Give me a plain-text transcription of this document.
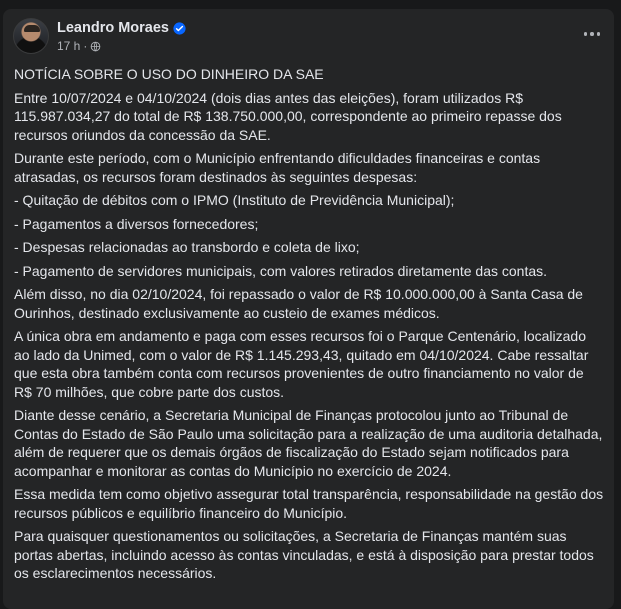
Leandro Moraes
17 h ·

NOTÍCIA SOBRE O USO DO DINHEIRO DA SAE

Entre 10/07/2024 e 04/10/2024 (dois dias antes das eleições), foram utilizados R$ 115.987.034,27 do total de R$ 138.750.000,00, correspondente ao primeiro repasse dos recursos oriundos da concessão da SAE.

Durante este período, com o Município enfrentando dificuldades financeiras e contas atrasadas, os recursos foram destinados às seguintes despesas:

- Quitação de débitos com o IPMO (Instituto de Previdência Municipal);

- Pagamentos a diversos fornecedores;

- Despesas relacionadas ao transbordo e coleta de lixo;

- Pagamento de servidores municipais, com valores retirados diretamente das contas.

Além disso, no dia 02/10/2024, foi repassado o valor de R$ 10.000.000,00 à Santa Casa de Ourinhos, destinado exclusivamente ao custeio de exames médicos.

A única obra em andamento e paga com esses recursos foi o Parque Centenário, localizado ao lado da Unimed, com o valor de R$ 1.145.293,43, quitado em 04/10/2024. Cabe ressaltar que esta obra também conta com recursos provenientes de outro financiamento no valor de R$ 70 milhões, que cobre parte dos custos.

Diante desse cenário, a Secretaria Municipal de Finanças protocolou junto ao Tribunal de Contas do Estado de São Paulo uma solicitação para a realização de uma auditoria detalhada, além de requerer que os demais órgãos de fiscalização do Estado sejam notificados para acompanhar e monitorar as contas do Município no exercício de 2024.

Essa medida tem como objetivo assegurar total transparência, responsabilidade na gestão dos recursos públicos e equilíbrio financeiro do Município.

Para quaisquer questionamentos ou solicitações, a Secretaria de Finanças mantém suas portas abertas, incluindo acesso às contas vinculadas, e está à disposição para prestar todos os esclarecimentos necessários.
